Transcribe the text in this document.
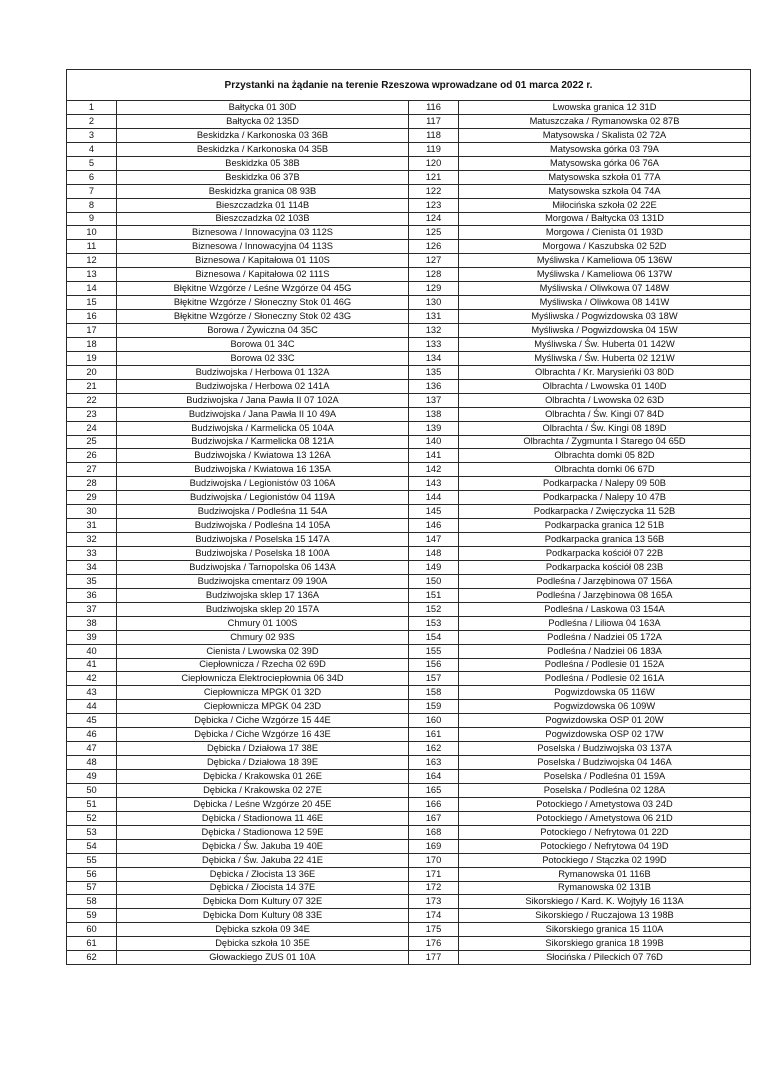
Przystanki na żądanie na terenie Rzeszowa wprowadzane od 01 marca 2022 r.			
1	Bałtycka 01 30D	116	Lwowska granica 12 31D
2	Bałtycka 02 135D	117	Matuszczaka / Rymanowska 02 87B
3	Beskidzka / Karkonoska 03 36B	118	Matysowska / Skalista 02 72A
4	Beskidzka / Karkonoska 04 35B	119	Matysowska górka 03 79A
5	Beskidzka 05 38B	120	Matysowska górka 06 76A
6	Beskidzka 06 37B	121	Matysowska szkoła 01 77A
7	Beskidzka granica 08 93B	122	Matysowska szkoła 04 74A
8	Bieszczadzka 01 114B	123	Miłocińska szkoła 02 22E
9	Bieszczadzka 02 103B	124	Morgowa / Bałtycka 03 131D
10	Biznesowa / Innowacyjna 03 112S	125	Morgowa / Cienista 01 193D
11	Biznesowa / Innowacyjna 04 113S	126	Morgowa / Kaszubska 02 52D
12	Biznesowa / Kapitałowa 01 110S	127	Myśliwska / Kameliowa 05 136W
13	Biznesowa / Kapitałowa 02 111S	128	Myśliwska / Kameliowa 06 137W
14	Błękitne Wzgórze / Leśne Wzgórze 04 45G	129	Myśliwska / Oliwkowa 07 148W
15	Błękitne Wzgórze / Słoneczny Stok 01 46G	130	Myśliwska / Oliwkowa 08 141W
16	Błękitne Wzgórze / Słoneczny Stok 02 43G	131	Myśliwska / Pogwizdowska 03 18W
17	Borowa / Żywiczna 04 35C	132	Myśliwska / Pogwizdowska 04 15W
18	Borowa 01 34C	133	Myśliwska / Św. Huberta 01 142W
19	Borowa 02 33C	134	Myśliwska / Św. Huberta 02 121W
20	Budziwojska / Herbowa 01 132A	135	Olbrachta / Kr. Marysieńki 03 80D
21	Budziwojska / Herbowa 02 141A	136	Olbrachta / Lwowska 01 140D
22	Budziwojska / Jana Pawła II 07 102A	137	Olbrachta / Lwowska 02 63D
23	Budziwojska / Jana Pawła II 10 49A	138	Olbrachta / Św. Kingi 07 84D
24	Budziwojska / Karmelicka 05 104A	139	Olbrachta / Św. Kingi 08 189D
25	Budziwojska / Karmelicka 08 121A	140	Olbrachta / Zygmunta I Starego 04 65D
26	Budziwojska / Kwiatowa 13 126A	141	Olbrachta domki 05 82D
27	Budziwojska / Kwiatowa 16 135A	142	Olbrachta domki 06 67D
28	Budziwojska / Legionistów 03 106A	143	Podkarpacka / Nalepy 09 50B
29	Budziwojska / Legionistów 04 119A	144	Podkarpacka / Nalepy 10 47B
30	Budziwojska / Podleśna 11 54A	145	Podkarpacka / Zwięczycka 11 52B
31	Budziwojska / Podleśna 14 105A	146	Podkarpacka granica 12 51B
32	Budziwojska / Poselska 15 147A	147	Podkarpacka granica 13 56B
33	Budziwojska / Poselska 18 100A	148	Podkarpacka kościół 07 22B
34	Budziwojska / Tarnopolska 06 143A	149	Podkarpacka kościół 08 23B
35	Budziwojska cmentarz 09 190A	150	Podleśna / Jarzębinowa 07 156A
36	Budziwojska sklep 17 136A	151	Podleśna / Jarzębinowa 08 165A
37	Budziwojska sklep 20 157A	152	Podleśna / Laskowa 03 154A
38	Chmury 01 100S	153	Podleśna / Liliowa 04 163A
39	Chmury 02 93S	154	Podleśna / Nadziei 05 172A
40	Cienista / Lwowska 02 39D	155	Podleśna / Nadziei 06 183A
41	Ciepłownicza / Rzecha 02 69D	156	Podleśna / Podlesie 01 152A
42	Ciepłownicza Elektrociepłownia 06 34D	157	Podleśna / Podlesie 02 161A
43	Ciepłownicza MPGK 01 32D	158	Pogwizdowska 05 116W
44	Ciepłownicza MPGK 04 23D	159	Pogwizdowska 06 109W
45	Dębicka / Ciche Wzgórze 15 44E	160	Pogwizdowska OSP 01 20W
46	Dębicka / Ciche Wzgórze 16 43E	161	Pogwizdowska OSP 02 17W
47	Dębicka / Działowa 17 38E	162	Poselska / Budziwojska 03 137A
48	Dębicka / Działowa 18 39E	163	Poselska / Budziwojska 04 146A
49	Dębicka / Krakowska 01 26E	164	Poselska / Podleśna 01 159A
50	Dębicka / Krakowska 02 27E	165	Poselska / Podleśna 02 128A
51	Dębicka / Leśne Wzgórze 20 45E	166	Potockiego / Ametystowa 03 24D
52	Dębicka / Stadionowa 11 46E	167	Potockiego / Ametystowa 06 21D
53	Dębicka / Stadionowa 12 59E	168	Potockiego / Nefrytowa 01 22D
54	Dębicka / Św. Jakuba 19 40E	169	Potockiego / Nefrytowa 04 19D
55	Dębicka / Św. Jakuba 22 41E	170	Potockiego / Stączka 02 199D
56	Dębicka / Złocista 13 36E	171	Rymanowska 01 116B
57	Dębicka / Złocista 14 37E	172	Rymanowska 02 131B
58	Dębicka Dom Kultury 07 32E	173	Sikorskiego / Kard. K. Wojtyły 16 113A
59	Dębicka Dom Kultury 08 33E	174	Sikorskiego / Ruczajowa 13 198B
60	Dębicka szkoła 09 34E	175	Sikorskiego granica 15 110A
61	Dębicka szkoła 10 35E	176	Sikorskiego granica 18 199B
62	Głowackiego ZUS 01 10A	177	Słocińska / Pileckich 07 76D
